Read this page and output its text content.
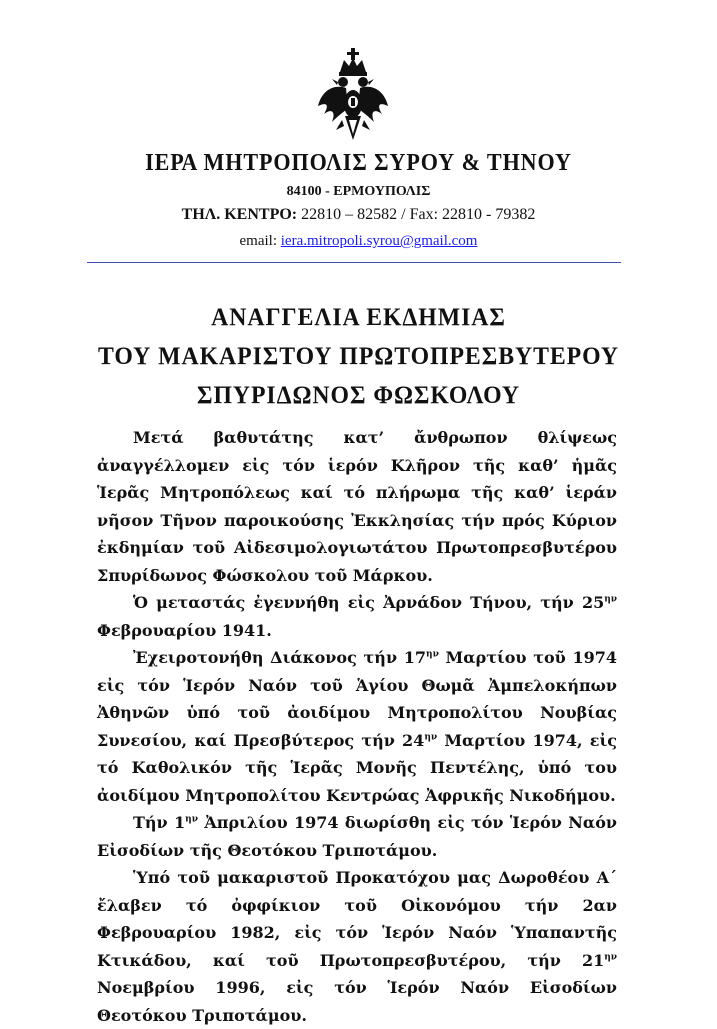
ΙΕΡΑ ΜΗΤΡΟΠΟΛΙΣ ΣΥΡΟΥ & ΤΗΝΟΥ
84100 - ΕΡΜΟΥΠΟΛΙΣ
ΤΗΛ. ΚΕΝΤΡΟ: 22810 – 82582 / Fax: 22810 - 79382
email: iera.mitropoli.syrou@gmail.com
ΑΝΑΓΓΕΛΙΑ ΕΚΔΗΜΙΑΣ
ΤΟΥ ΜΑΚΑΡΙΣΤΟΥ ΠΡΩΤΟΠΡΕΣΒΥΤΕΡΟΥ
ΣΠΥΡΙΔΩΝΟΣ ΦΩΣΚΟΛΟΥ

Μετά βαθυτάτης κατ’ ἄνθρωπον θλίψεως ἀναγγέλλομεν εἰς τόν ἱερόν Κλῆρον τῆς καθ’ ἡμᾶς Ἱερᾶς Μητροπόλεως καί τό πλήρωμα τῆς καθ’ ἱεράν νῆσον Τῆνον παροικούσης Ἐκκλησίας τήν πρός Κύριον ἐκδημίαν τοῦ Αἰδεσιμολογιωτάτου Πρωτοπρεσβυτέρου Σπυρίδωνος Φώσκολου τοῦ Μάρκου.

Ὁ μεταστάς ἐγεννήθη εἰς Ἀρνάδον Τήνου, τήν $25^{\eta\nu}$ Φεβρουαρίου 1941.

Ἐχειροτονήθη Διάκονος τήν $17^{\eta\nu}$ Μαρτίου τοῦ 1974 εἰς τόν Ἱερόν Ναόν τοῦ Ἁγίου Θωμᾶ Ἀμπελοκήπων Ἀθηνῶν ὑπό τοῦ ἀοιδίμου Μητροπολίτου Νουβίας Συνεσίου, καί Πρεσβύτερος τήν $24^{\eta\nu}$ Μαρτίου 1974, εἰς τό Καθολικόν τῆς Ἱερᾶς Μονῆς Πεντέλης, ὑπό του ἀοιδίμου Μητροπολίτου Κεντρώας Ἀφρικῆς Νικοδήμου.

Τήν $1^{\eta\nu}$ Ἀπριλίου 1974 διωρίσθη εἰς τόν Ἱερόν Ναόν Εἰσοδίων τῆς Θεοτόκου Τριποτάμου.

Ὑπό τοῦ μακαριστοῦ Προκατόχου μας Δωροθέου Α΄ ἔλαβεν τό ὀφφίκιον τοῦ Οἰκονόμου τήν 2αν Φεβρουαρίου 1982, εἰς τόν Ἱερόν Ναόν Ὑπαπαντῆς Κτικάδου, καί τοῦ Πρωτοπρεσβυτέρου, τήν $21^{\eta\nu}$ Νοεμβρίου 1996, εἰς τόν Ἱερόν Ναόν Εἰσοδίων Θεοτόκου Τριποτάμου.
